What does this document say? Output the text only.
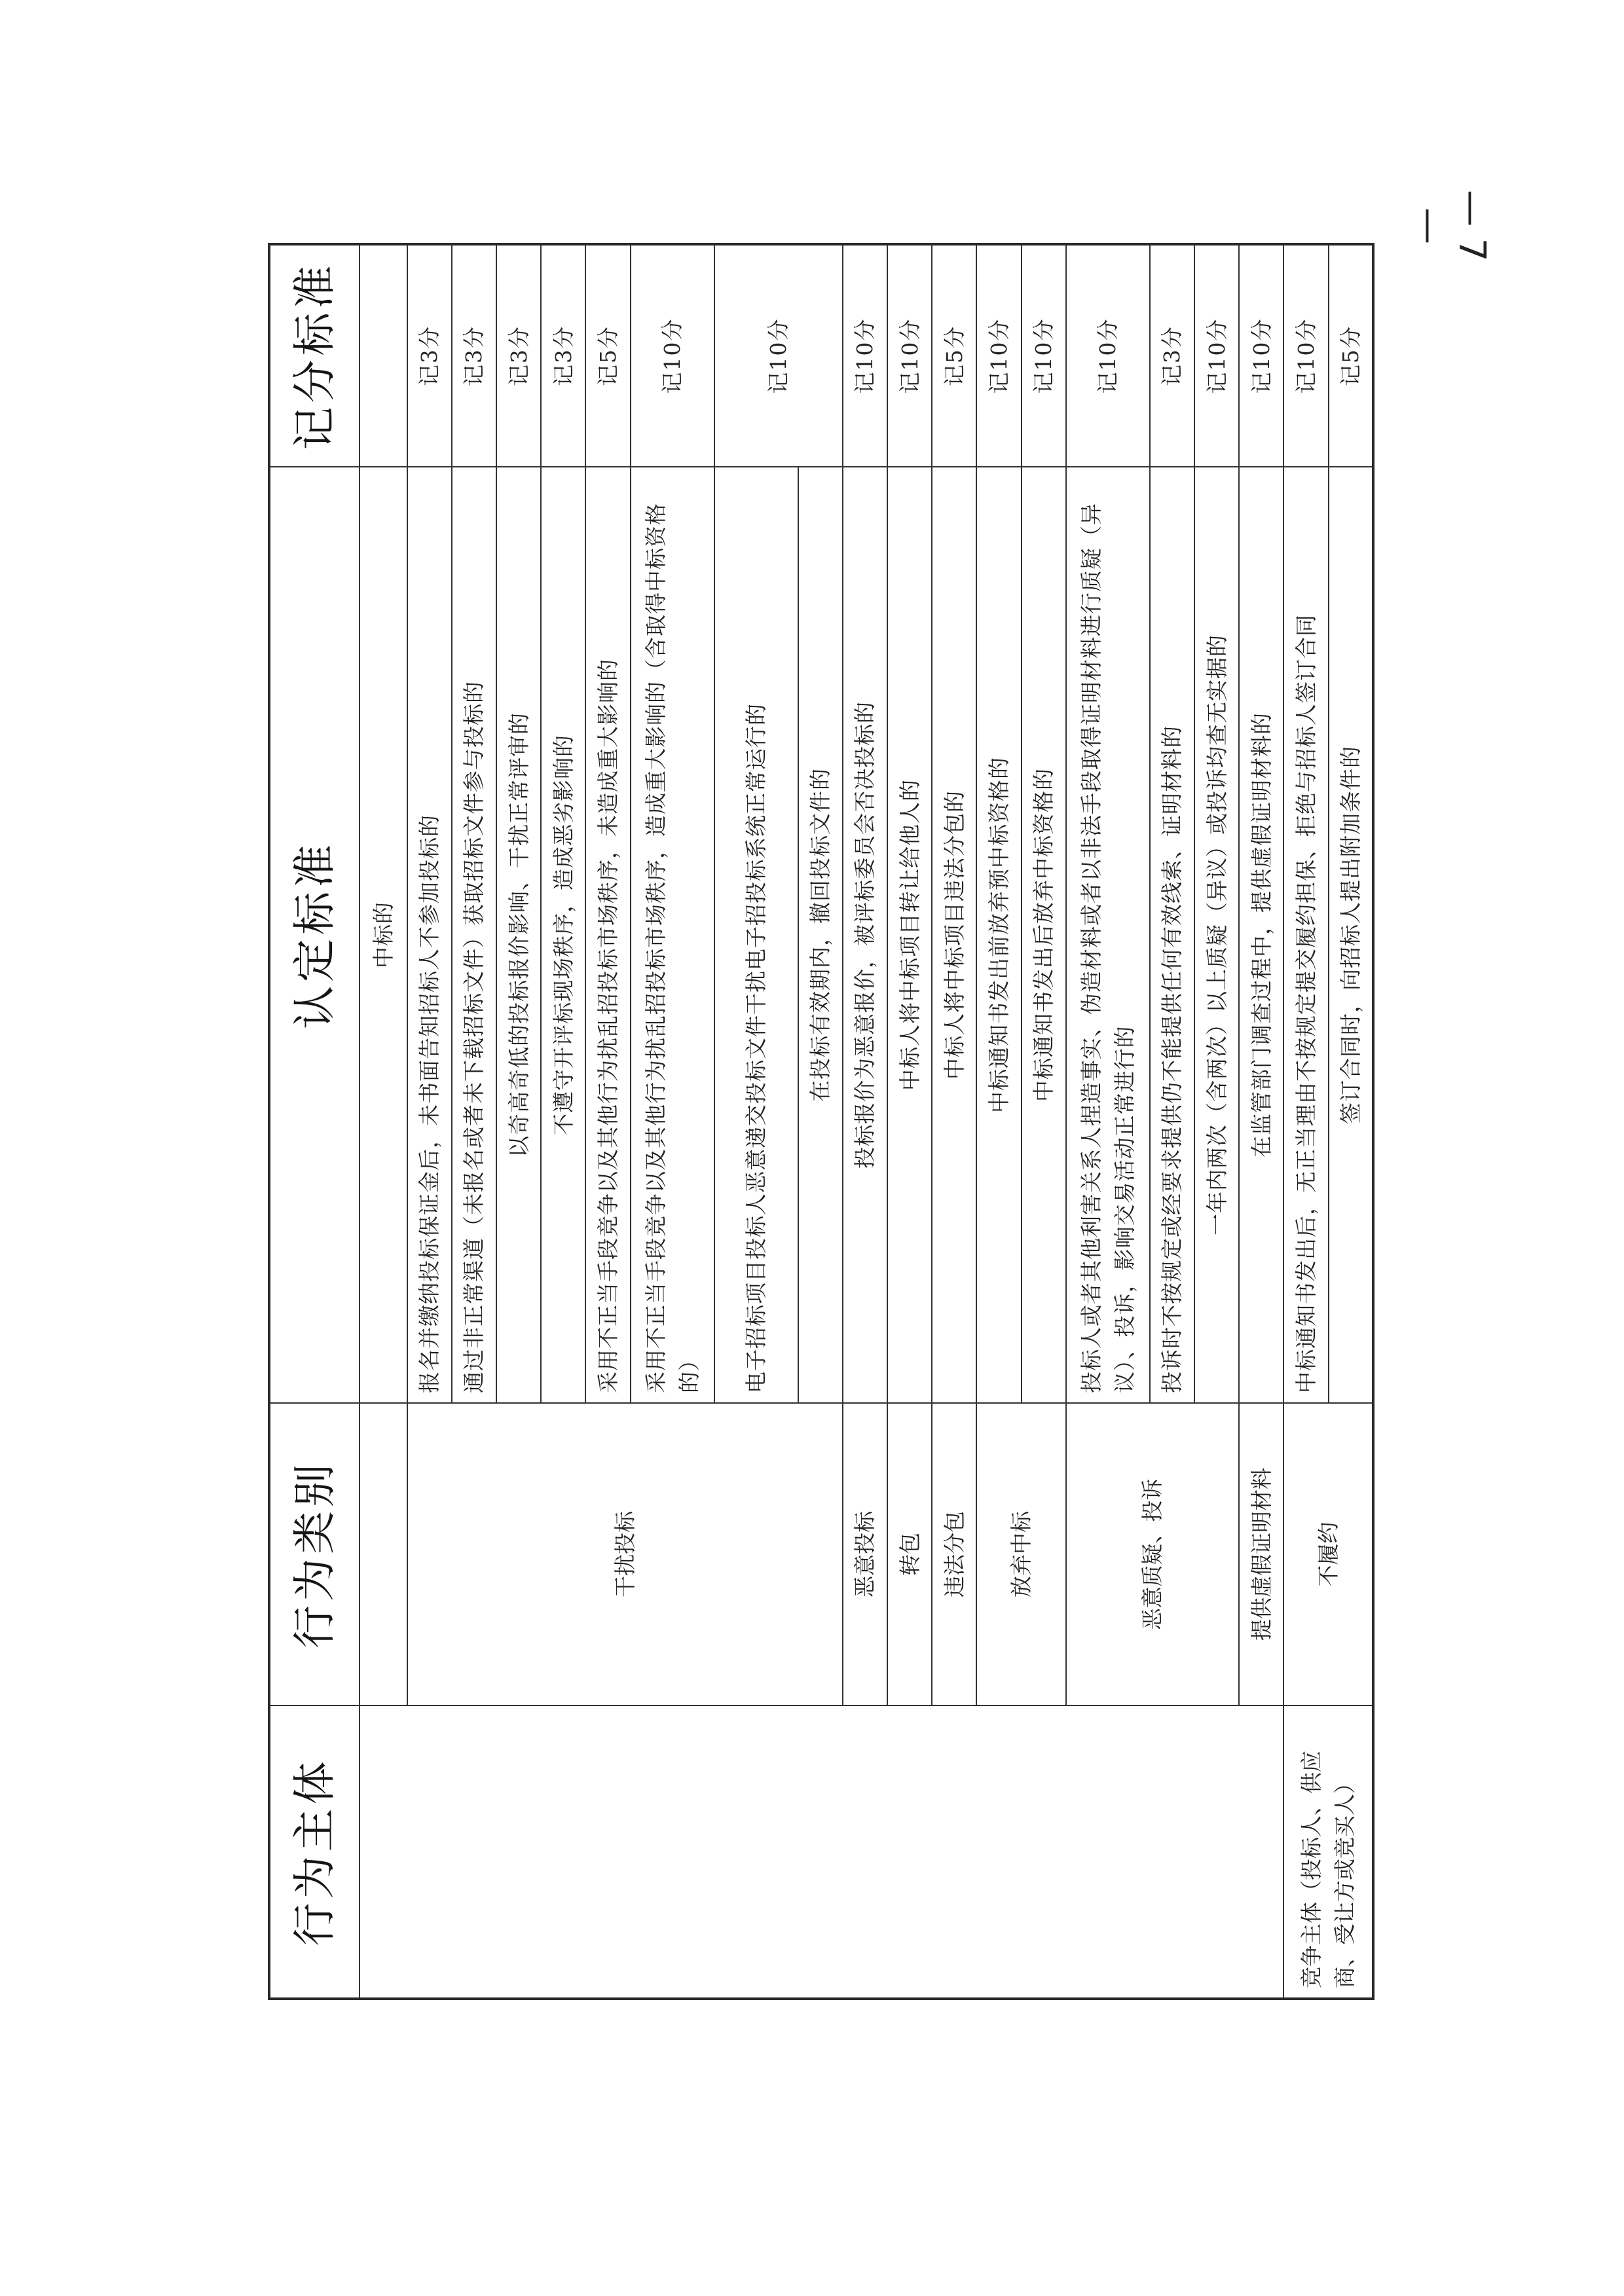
— 7 —
行为主体	行为类别	认定标准	记分标准
		中标的	
	干扰投标	报名并缴纳投标保证金后，未书面告知招标人不参加投标的	记3分
		通过非正常渠道（未报名或者未下载招标文件）获取招标文件参与投标的	记3分
		以奇高奇低的投标报价影响、干扰正常评审的	记3分
		不遵守开评标现场秩序，造成恶劣影响的	记3分
		采用不正当手段竞争以及其他行为扰乱招投标市场秩序，未造成重大影响的	记5分
		采用不正当手段竞争以及其他行为扰乱招投标市场秩序，造成重大影响的（含取得中标资格的）	记10分
		电子招标项目投标人恶意递交投标文件干扰电子招投标系统正常运行的	记10分
		在投标有效期内，撤回投标文件的	
	恶意投标	投标报价为恶意报价，被评标委员会否决投标的	记10分
	转包	中标人将中标项目转让给他人的	记10分
	违法分包	中标人将中标项目违法分包的	记5分
	放弃中标	中标通知书发出前放弃预中标资格的	记10分
		中标通知书发出后放弃中标资格的	记10分
	恶意质疑、投诉	投标人或者其他利害关系人捏造事实、伪造材料或者以非法手段取得证明材料进行质疑（异议）、投诉，影响交易活动正常进行的	记10分
		投诉时不按规定或经要求提供仍不能提供任何有效线索、证明材料的	记3分
		一年内两次（含两次）以上质疑（异议）或投诉均查无实据的	记10分
	提供虚假证明材料	在监管部门调查过程中，提供虚假证明材料的	记10分
竞争主体（投标人、供应商、受让方或竞买人）	不履约	中标通知书发出后，无正当理由不按规定提交履约担保、拒绝与招标人签订合同	记10分
		签订合同时，向招标人提出附加条件的	记5分
